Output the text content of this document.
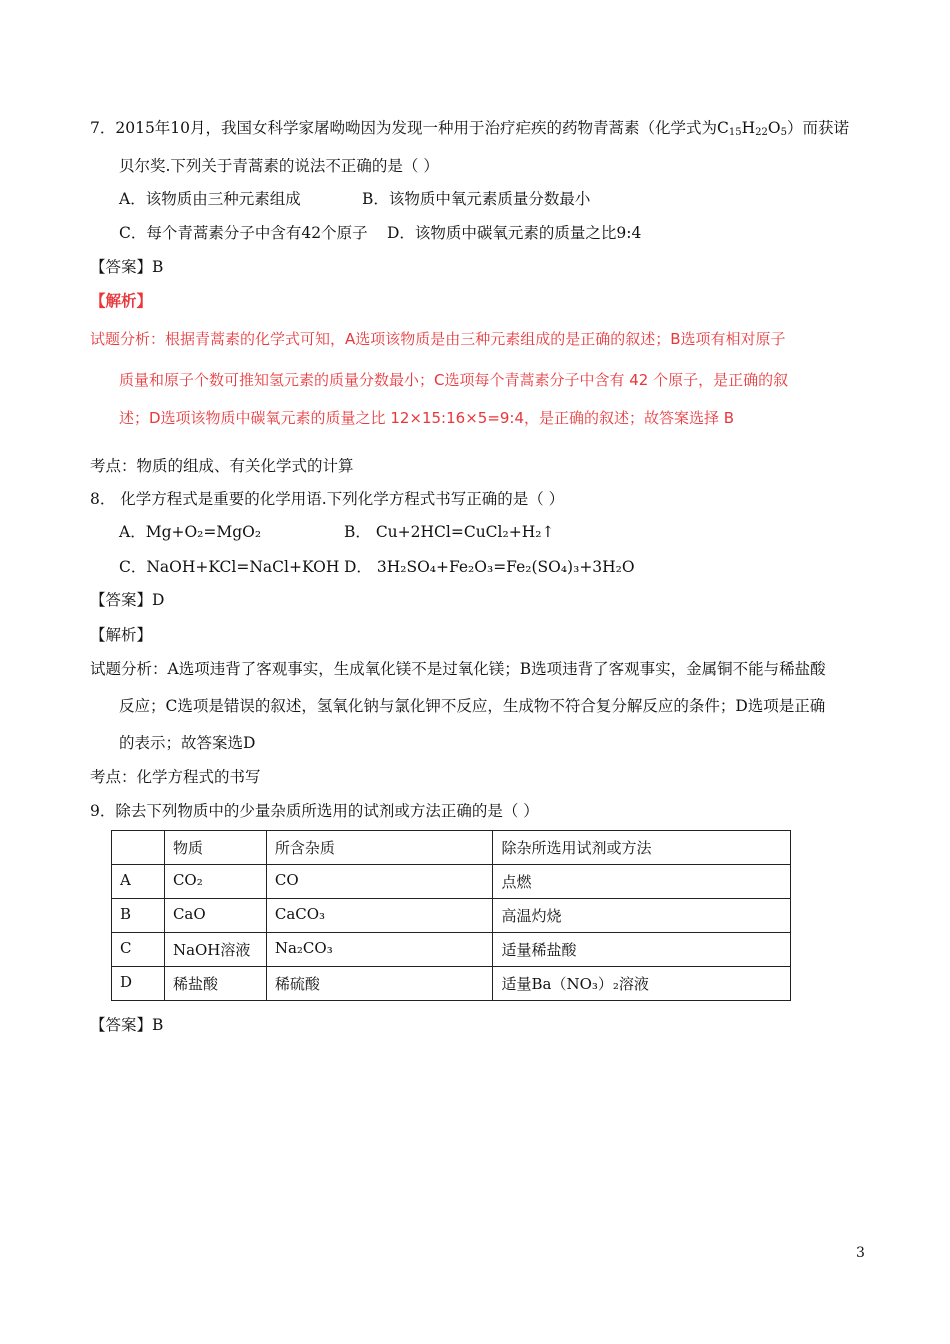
7．2015年10月，我国女科学家屠呦呦因为发现一种用于治疗疟疾的药物青蒿素（化学式为$C_{15}H_{22}O_5$）而获诺
贝尔奖.下列关于青蒿素的说法不正确的是（ ）
A．该物质由三种元素组成	B．该物质中氧元素质量分数最小
C．每个青蒿素分子中含有42个原子 D．该物质中碳氧元素的质量之比9:4
【答案】B
【解析】
试题分析：根据青蒿素的化学式可知，A选项该物质是由三种元素组成的是正确的叙述；B选项有相对原子
质量和原子个数可推知氢元素的质量分数最小；C选项每个青蒿素分子中含有 42 个原子，是正确的叙
述；D选项该物质中碳氧元素的质量之比 12×15:16×5=9:4，是正确的叙述；故答案选择 B
考点：物质的组成、有关化学式的计算
8． 化学方程式是重要的化学用语.下列化学方程式书写正确的是（ ）
A．Mg+O₂=MgO₂	B． Cu+2HCl=CuCl₂+H₂↑
C．NaOH+KCl=NaCl+KOH D． 3H₂SO₄+Fe₂O₃=Fe₂(SO₄)₃+3H₂O
【答案】D
【解析】
试题分析：A选项违背了客观事实，生成氧化镁不是过氧化镁；B选项违背了客观事实，金属铜不能与稀盐酸
反应；C选项是错误的叙述，氢氧化钠与氯化钾不反应，生成物不符合复分解反应的条件；D选项是正确
的表示；故答案选D
考点：化学方程式的书写
9．除去下列物质中的少量杂质所选用的试剂或方法正确的是（ ）
	物质	所含杂质	除杂所选用试剂或方法
A	CO₂	CO	点燃
B	CaO	CaCO₃	高温灼烧
C	NaOH溶液	Na₂CO₃	适量稀盐酸
D	稀盐酸	稀硫酸	适量Ba（NO₃）₂溶液
【答案】B
3
